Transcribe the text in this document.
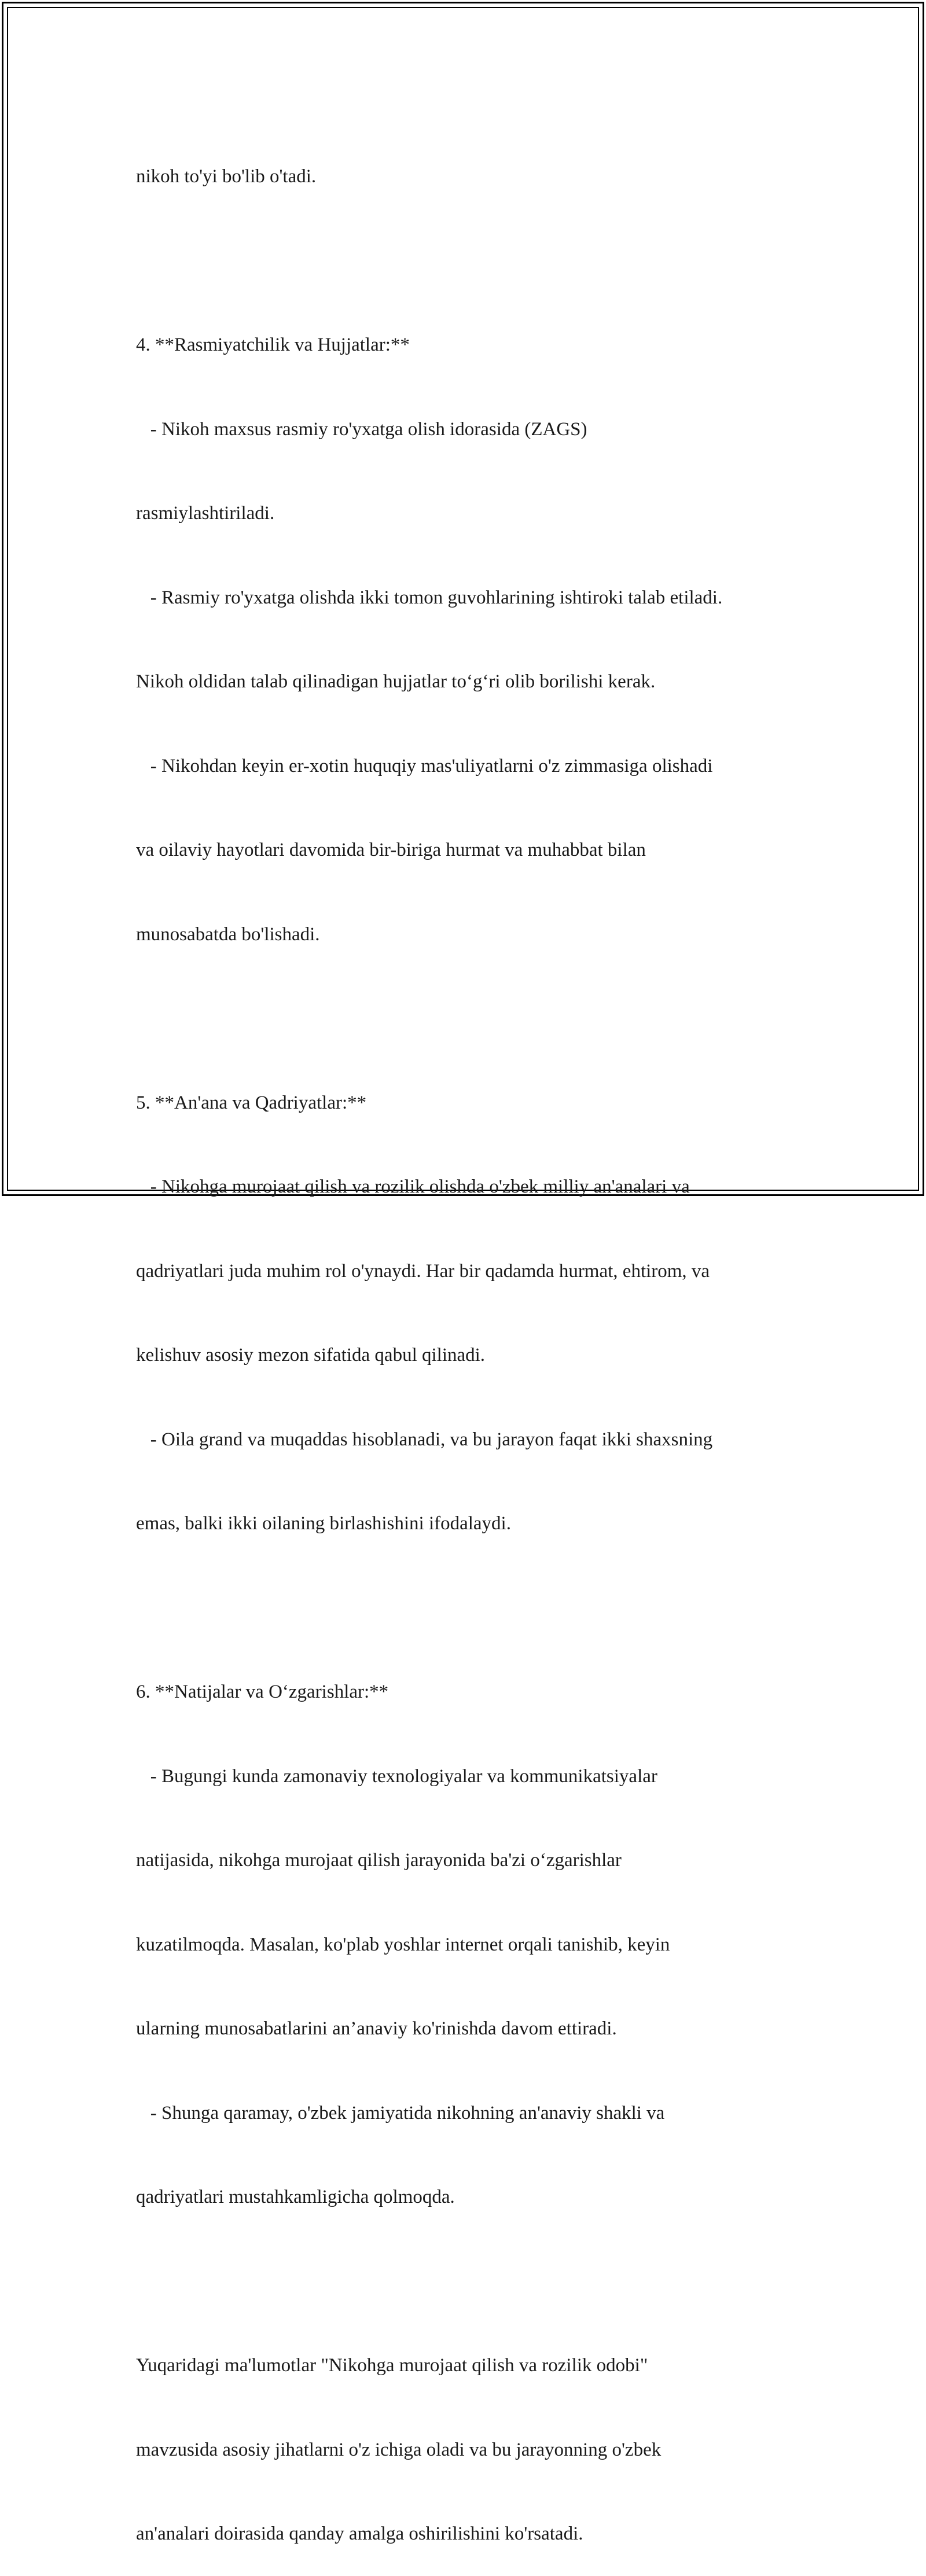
nikoh to'yi bo'lib o'tadi.

4. **Rasmiyatchilik va Hujjatlar:**

- Nikoh maxsus rasmiy ro'yxatga olish idorasida (ZAGS)

rasmiylashtiriladi.

- Rasmiy ro'yxatga olishda ikki tomon guvohlarining ishtiroki talab etiladi.

Nikoh oldidan talab qilinadigan hujjatlar to‘g‘ri olib borilishi kerak.

- Nikohdan keyin er-xotin huquqiy mas'uliyatlarni o'z zimmasiga olishadi

va oilaviy hayotlari davomida bir-biriga hurmat va muhabbat bilan

munosabatda bo'lishadi.

5. **An'ana va Qadriyatlar:**

- Nikohga murojaat qilish va rozilik olishda o'zbek milliy an'analari va

qadriyatlari juda muhim rol o'ynaydi. Har bir qadamda hurmat, ehtirom, va

kelishuv asosiy mezon sifatida qabul qilinadi.

- Oila grand va muqaddas hisoblanadi, va bu jarayon faqat ikki shaxsning

emas, balki ikki oilaning birlashishini ifodalaydi.

6. **Natijalar va O‘zgarishlar:**

- Bugungi kunda zamonaviy texnologiyalar va kommunikatsiyalar

natijasida, nikohga murojaat qilish jarayonida ba'zi o‘zgarishlar

kuzatilmoqda. Masalan, ko'plab yoshlar internet orqali tanishib, keyin

ularning munosabatlarini an’anaviy ko'rinishda davom ettiradi.

- Shunga qaramay, o'zbek jamiyatida nikohning an'anaviy shakli va

qadriyatlari mustahkamligicha qolmoqda.

Yuqaridagi ma'lumotlar "Nikohga murojaat qilish va rozilik odobi"

mavzusida asosiy jihatlarni o'z ichiga oladi va bu jarayonning o'zbek

an'analari doirasida qanday amalga oshirilishini ko'rsatadi.
